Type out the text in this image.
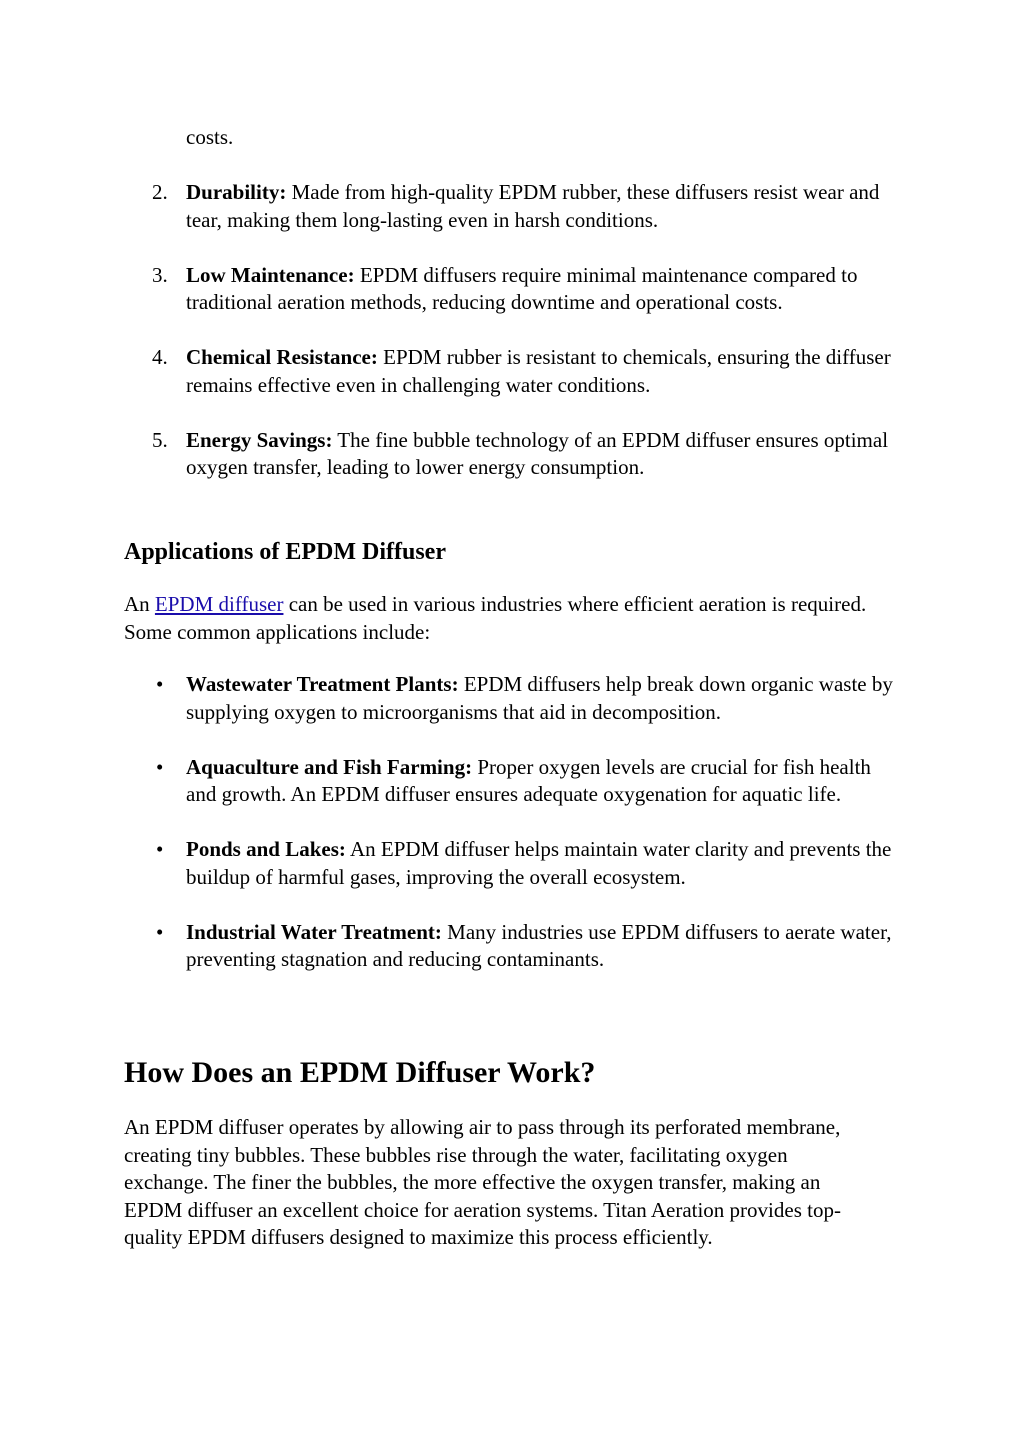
costs.

2. Durability: Made from high-quality EPDM rubber, these diffusers resist wear and tear, making them long-lasting even in harsh conditions.
3. Low Maintenance: EPDM diffusers require minimal maintenance compared to traditional aeration methods, reducing downtime and operational costs.
4. Chemical Resistance: EPDM rubber is resistant to chemicals, ensuring the diffuser remains effective even in challenging water conditions.
5. Energy Savings: The fine bubble technology of an EPDM diffuser ensures optimal oxygen transfer, leading to lower energy consumption.
Applications of EPDM Diffuser

An EPDM diffuser can be used in various industries where efficient aeration is required. Some common applications include:

• Wastewater Treatment Plants: EPDM diffusers help break down organic waste by supplying oxygen to microorganisms that aid in decomposition.
• Aquaculture and Fish Farming: Proper oxygen levels are crucial for fish health and growth. An EPDM diffuser ensures adequate oxygenation for aquatic life.
• Ponds and Lakes: An EPDM diffuser helps maintain water clarity and prevents the buildup of harmful gases, improving the overall ecosystem.
• Industrial Water Treatment: Many industries use EPDM diffusers to aerate water, preventing stagnation and reducing contaminants.
How Does an EPDM Diffuser Work?

An EPDM diffuser operates by allowing air to pass through its perforated membrane, creating tiny bubbles. These bubbles rise through the water, facilitating oxygen exchange. The finer the bubbles, the more effective the oxygen transfer, making an EPDM diffuser an excellent choice for aeration systems. Titan Aeration provides top-quality EPDM diffusers designed to maximize this process efficiently.
